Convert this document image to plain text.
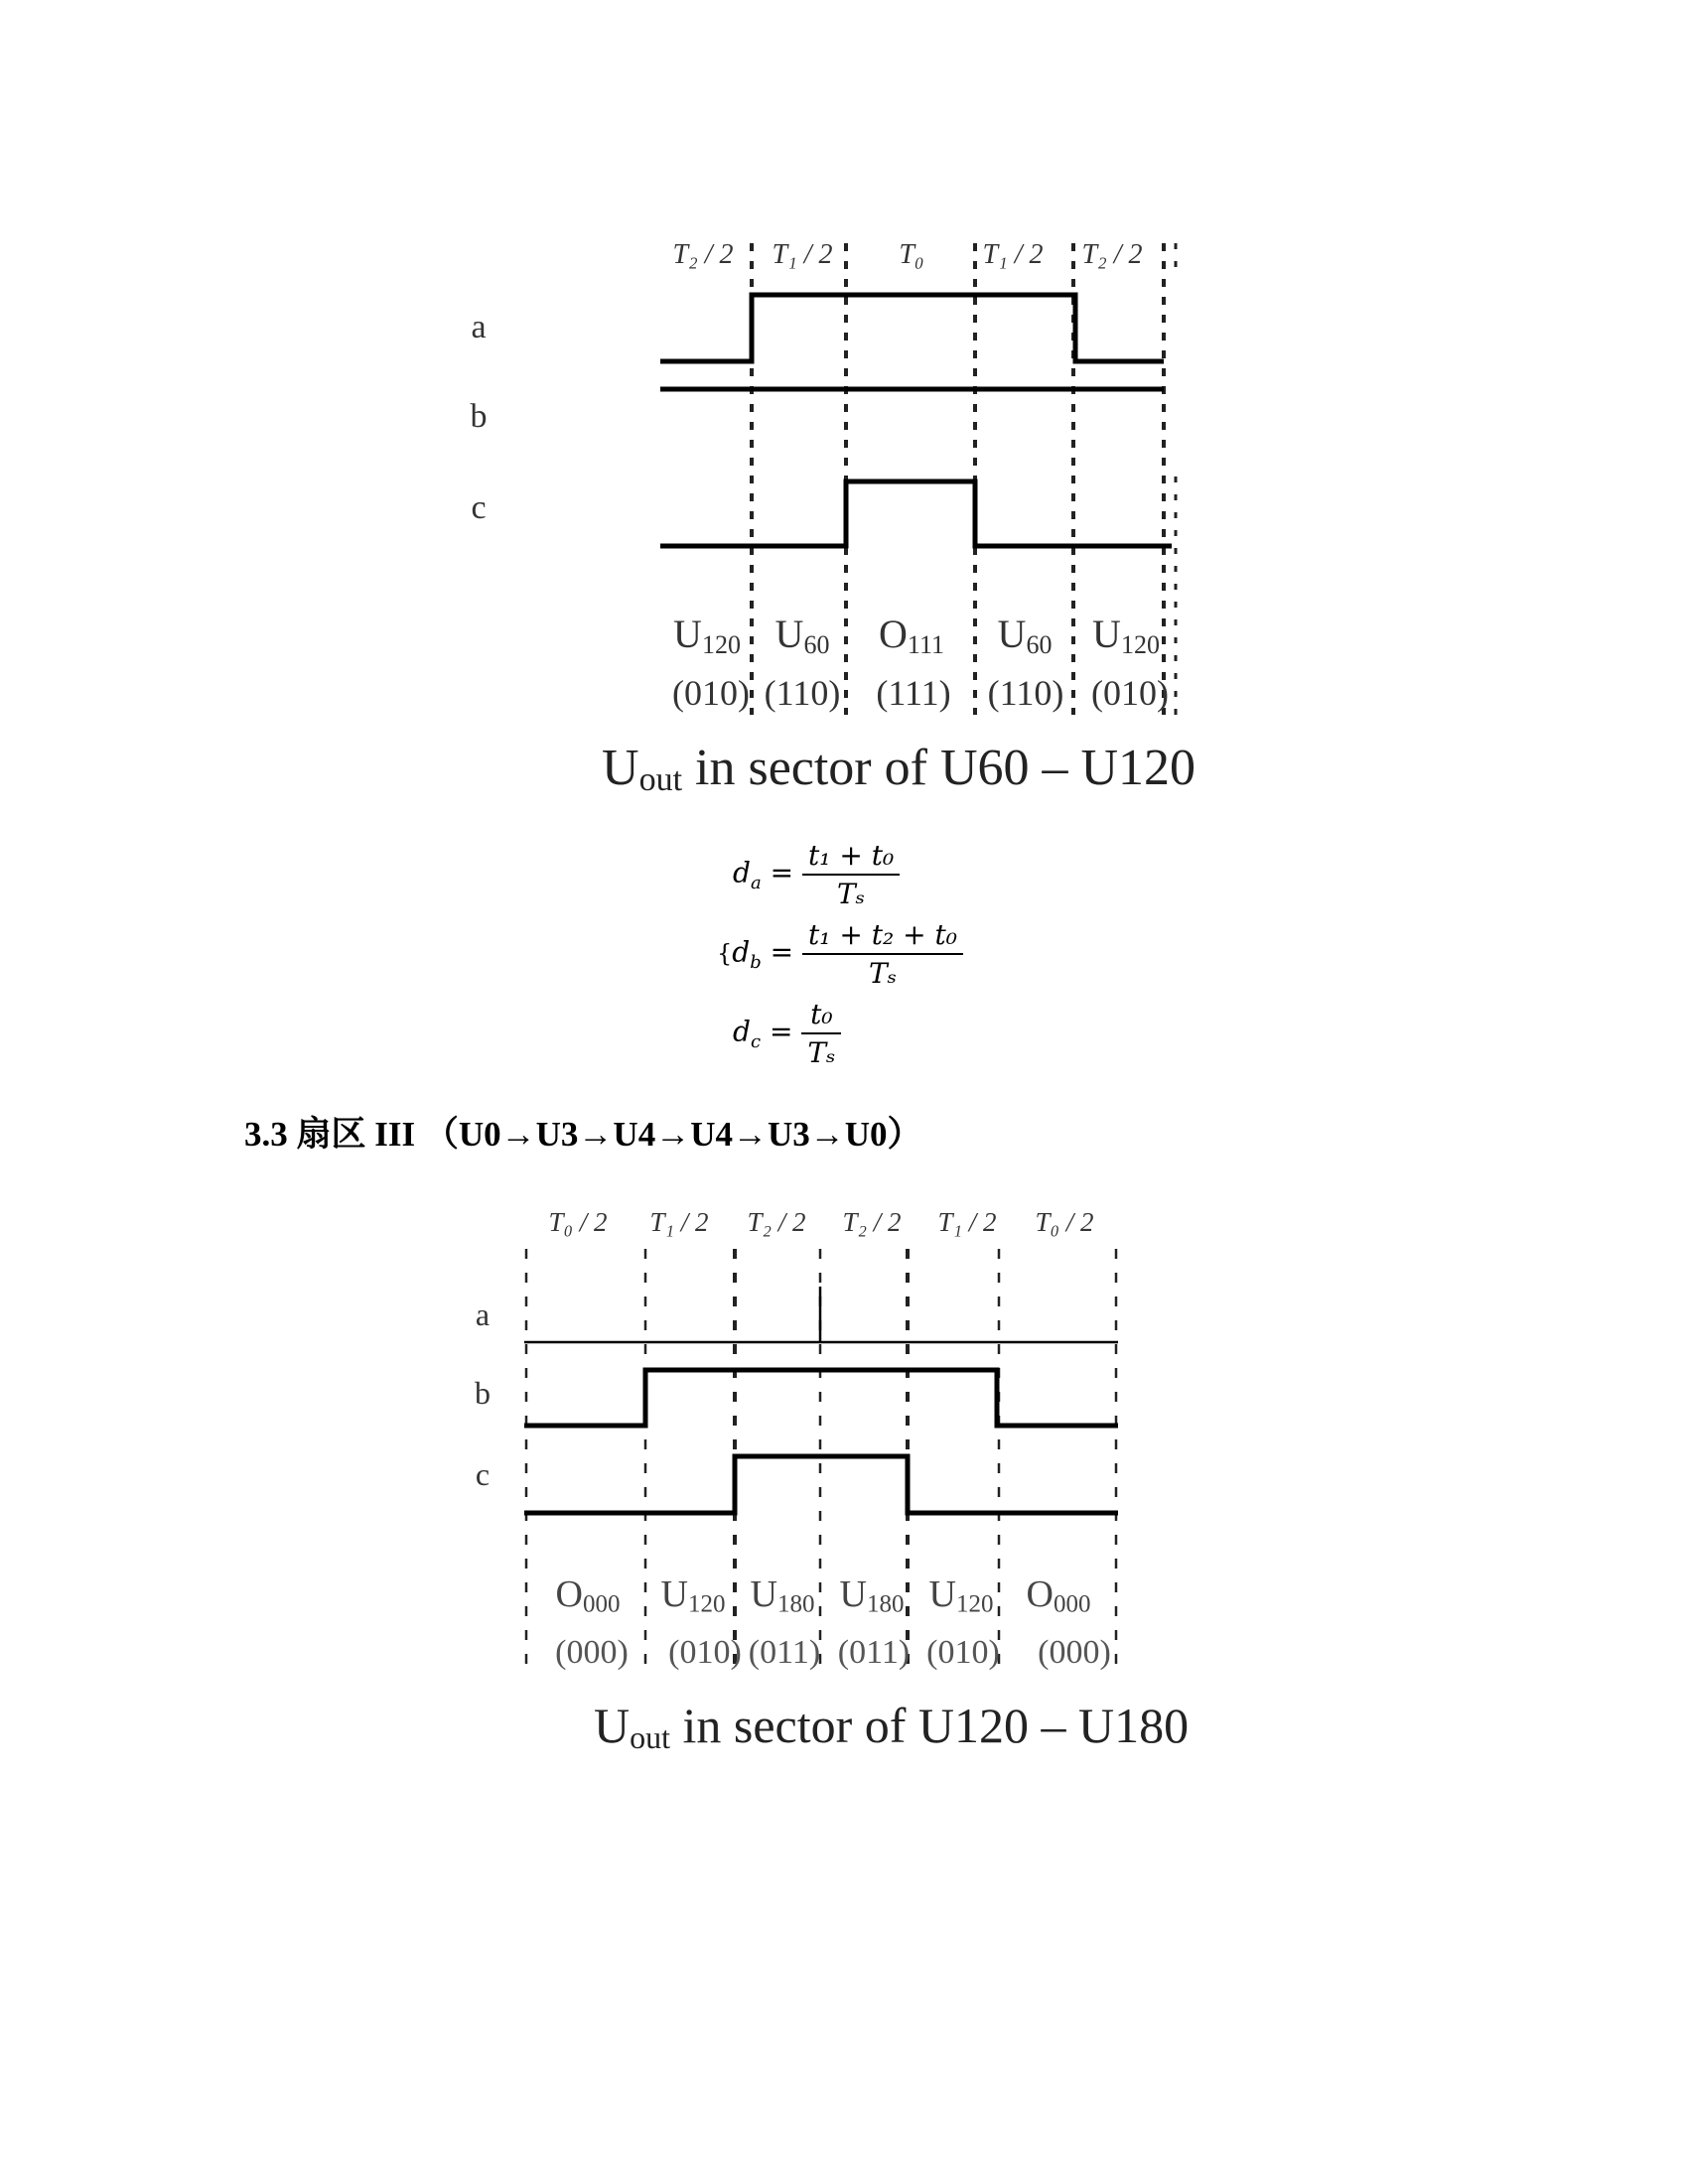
T₂ / 2 T₁ / 2 T₀ T₁ / 2 T₂ / 2
a
b
c
U120 U60 O111 U60 U120
(010) (110) (111) (110) (010)
Uout in sector of U60 – U120
$d_a = \frac{\text{t₁ + t₀}}{\text{Tₛ}}$
{$d_b = \frac{\text{t₁ + t₂ + t₀}}{\text{Tₛ}}$
$d_c = \frac{\text{t₀}}{\text{Tₛ}}$
3.3 扇区 III （U0→U3→U4→U4→U3→U0）
T₀ / 2 T₁ / 2 T₂ / 2 T₂ / 2 T₁ / 2 T₀ / 2
a
b
c
O000 U120 U180 U180 U120 O000
(000) (010) (011) (011) (010) (000)
Uout in sector of U120 – U180
